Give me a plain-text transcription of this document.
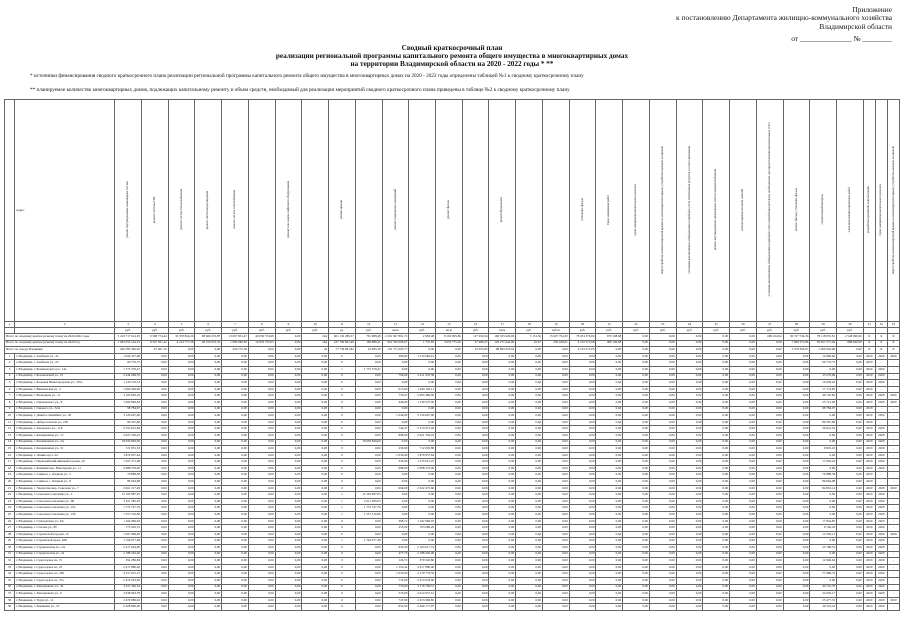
Приложение
к постановлению Департамента жилищно-коммунального хозяйства
Владимирской области
от ______________ № ________
Сводный краткосрочный план
реализации региональной программы капитального ремонта общего имущества в многоквартирных домах
на территории Владимирской области на 2020 - 2022 годы * **
* источники финансирования сводного краткосрочного плана реализации региональной программы капитального ремонта общего имущества в многоквартирных домах на 2020 - 2022 годы определены таблицей №1 к сводному краткосрочному плану
** планируемое количество многоквартирных домов, подлежащих капитальному ремонту и объем средств, необходимый для реализации мероприятий сводного краткосрочного плана приведены в таблице №2 к сводному краткосрочному плану
	Адрес	ремонт внутридомовых инженерных систем	ремонт системы ГВС	ремонт систем теплоснабжения	ремонт систем водоотведения	ремонт систем газоснабжения		ремонт или замена лифтового оборудования		ремонт крыши		ремонт подвальных помещений		ремонт фасада		ремонт фундамента			утепление фасада	Срок завершения работ	Срок завершения капитального ремонта	переустройство невентилируемой крыши на вентилируемую крышу, устройство выходов на кровлю	установка коллективных (общедомовых) приборов учета потребления ресурсов и узлов управления	ремонт внутридомовых инженерных систем электроснабжения	ремонт крыши плоской, скатной	установка коллективных (общедомовых) приборов учета потребления ресурсов, необходимых для предоставления коммунальных услуг	ремонт фасада, утепление фасада	строительный контроль	Срок выполнения проектных работ	разработка проектной документации	Срок завершения капитального ремонта	переустройство невентилируемой крыши на вентилируемую крышу, устройство выходов на кровлю
1	2	3	4	5	6	7	8	9	10	11	12	13	14	15	16	17	18	19	20	21	22	23	24	25	26	27	28	29	30	31	32	33
		руб.	руб.	руб.	руб.	руб.	руб.	руб.	руб.	ед.	руб.	кв.м	руб.	кв.м	руб.	кв.м	руб.	куб.м	руб.	руб.	руб.	руб.	руб.	руб.	руб.	руб.	руб.	руб.	руб.			
Итого по сводному краткосрочному плану на 2020-2022 годы		3 419 717 614,65	9 598 774,44	33 378 824,29	98 660 255,87	13 697 831,47	40 030 574,98	0,00	244	601 132 286,57	761 988,48	2 291 567 891,72	2 983,48	8 193 995,86	127 932,94	190 355 626,96	3 131,36	15 607 794,30	78 474 376,82	970 198,98	0,00	0,00	0,00	0,00	0,00	609 104,94	30 727 724,36	78 118 055,81	2 548 090,00	Х	Х	Х
Итого по сводному краткосрочному плану на 2020 год		1 062 052 144,23	8 547 201,22	4 214 777,28	49 250 976,35	1 086 082,99	10 979 725,03	0,00	164	237 780 861,49	169 888,41	601 766 099,67	1 737,83	3 653 775,26	47 486,47	129 271 942,99	10,97	256 436,61	6 132 272,68	480 196,98	0,00	0,00	0,00	0,00	0,00	0,00	7 698 372,86	39 657 271,94	888 660,00	Х	Х	Х
Итого по городу Владимир		266 385 340,65	97 667,16	0,00	0,00	226 775,59	0,00	0,00	44	77 739 891,82	16 985,39	152 771 093,77	0,00	0,00	10 655,85	98 895 053,62	0,00	0,00	6 133 272,05	0,00	0,00	0,00	0,00	0,00	0,00	0,00	2 578 304,07	1 060 950,90	0,00	Х	Х	Х
1	г. Владимир, г. Алябьева ул., 3а	1 024 457,98	0,00	0,00	0,00	0,00	0,00	0,00	0,00	0	0,00	399,00	1 510 684,61	0,00	0,00	0,00	0,00	0,00	0,00	0,00	0,00	0,00	0,00	0,00	0,00	0,00	0,00	14 996,66	0,00	2020	2020	2020
2	г. Владимир, г. Алябьева ул., 23	69 776,75	0,00	0,00	0,00	0,00	0,00	0,00	0,00	0	0,00	0,00	0,00	0,00	0,00	0,00	0,00	0,00	0,00	0,00	0,00	0,00	0,00	0,00	0,00	0,00	0,00	69 776,75	0,00	2020	-	-
3	г. Владимир, г. Безыменского ул., 14а	1 775 379,47	0,00	0,00	0,00	0,00	0,00	0,00	0,00	1	1 775 379,47	0,00	0,00	0,00	0,00	0,00	0,00	0,00	0,00	0,00	0,00	0,00	0,00	0,00	0,00	0,00	0,00	0,00	0,00	2020	2020	-
4	г. Владимир, г. Белоконской ул., 23	2 444 669,70	0,00	0,00	0,00	0,00	0,00	0,00	0,00	0	0,00	796,00	2 411 935,58	0,00	0,00	0,00	0,00	0,00	0,00	0,00	0,00	0,00	0,00	0,00	0,00	0,00	0,00	33 276,99	0,00	2020	2020	-
5	г. Владимир, г. Большая Нижегородская ул., 105а	1 130 519,33	0,00	0,00	0,00	0,00	0,00	0,00	0,00	0	0,00	0,00	0,00	0,00	0,00	0,00	0,00	0,00	0,00	0,00	0,00	0,00	0,00	0,00	0,00	0,00	0,00	16 639,42	0,00	2020	2020	-
6	г. Владимир, г. Вишневская ул., 5	1 966 366,96	0,00	0,00	0,00	0,00	0,00	0,00	0,00	0	0,00	615,00	1 949 192,11	0,00	0,00	0,00	0,00	0,00	0,00	0,00	0,00	0,00	0,00	0,00	0,00	0,00	0,00	17 174,85	0,00	2020	-	-
7	г. Владимир, г. Воеводина ул., 11	3 103 663,19	0,00	0,00	0,00	0,00	0,00	0,00	0,00	0	0,00	733,67	2 995 486,00	0,00	0,00	0,00	0,00	0,00	0,00	0,00	0,00	0,00	0,00	0,00	0,00	0,00	0,00	46 745,60	0,00	2020	2020	2020
8	г. Владимир, г. Горьковского ул., 8	1 600 806,82	0,00	0,00	0,00	0,00	0,00	0,00	0,00	0	0,00	449,00	1 539 537,00	0,00	0,00	0,00	0,00	0,00	0,00	0,00	0,00	0,00	0,00	0,00	0,00	0,00	0,00	25 721,00	0,00	2020	2020	2020
9	г. Владимир, г. Горького ул., 52А	98 784,97	0,00	0,00	0,00	0,00	0,00	0,00	0,00	0	0,00	0,00	0,00	0,00	0,00	0,00	0,00	0,00	0,00	0,00	0,00	0,00	0,00	0,00	0,00	0,00	0,00	98 784,97	0,00	2020	-	-
10	г. Владимир, г. Девятое Линейное ул., 26	3 126 667,00	0,00	0,00	0,00	0,00	0,00	0,00	0,00	0	0,00	1 049,00	3 126 667,00	0,00	0,00	0,00	0,00	0,00	0,00	0,00	0,00	0,00	0,00	0,00	0,00	0,00	0,00	0,00	0,00	2020	2020	-
11	г. Владимир, г. Добросельская ул., 21Б	86 597,80	0,00	0,00	0,00	0,00	0,00	0,00	0,00	0	0,00	0,00	0,00	0,00	0,00	0,00	0,00	0,00	0,00	0,00	0,00	0,00	0,00	0,00	0,00	0,00	0,00	86 597,80	0,00	2020	-	-
12	г. Владимир, г. Заводского ул., 11Б	2 353 612,84	0,00	0,00	0,00	0,00	0,00	0,00	0,00	0	0,00	746,47	2 313 971,49	0,00	0,00	0,00	0,00	0,00	0,00	0,00	0,00	0,00	0,00	0,00	0,00	0,00	0,00	39 641,35	0,00	2020	2020	-
13	г. Владимир, г. Казарменная ул., 15	2 921 336,43	0,00	0,00	0,00	0,00	0,00	0,00	0,00	0	0,00	898,00	2 921 336,43	0,00	0,00	0,00	0,00	0,00	0,00	0,00	0,00	0,00	0,00	0,00	0,00	0,00	0,00	0,00	0,00	2020	2020	-
14	г. Владимир, г. Казарменная ул., 2А	18 659 849,00	0,00	0,00	0,00	0,00	0,00	0,00	0,00	1	18 659 849,00	0,00	0,00	0,00	0,00	0,00	0,00	0,00	0,00	0,00	0,00	0,00	0,00	0,00	0,00	0,00	0,00	0,00	0,00	2020	2020	-
15	г. Владимир, г. Казарменная ул., 31	721 831,33	0,00	0,00	0,00	0,00	0,00	0,00	0,00	0	0,00	230,00	712 005,88	0,00	0,00	0,00	0,00	0,00	0,00	0,00	0,00	0,00	0,00	0,00	0,00	0,00	0,00	9 825,45	0,00	2020	2020	-
16	г. Владимир, г. Ленина пр-т, 24	1 879 957,64	0,00	0,00	0,00	0,00	0,00	0,00	0,00	0	0,00	1 030,00	1 879 957,64	0,00	0,00	0,00	0,00	0,00	0,00	0,00	0,00	0,00	0,00	0,00	0,00	0,00	0,00	0,00	0,00	2020	2020	-
17	г. Владимир, г. Первомайский шинный городок, 20	1 297 271,68	0,00	0,00	0,00	0,00	0,00	0,00	0,00	0	0,00	345,00	1 279 615,25	0,00	0,00	0,00	0,00	0,00	0,00	0,00	0,00	0,00	0,00	0,00	0,00	0,00	0,00	17 656,43	0,00	2020	2020	-
18	г. Владимир, г. Каманин пер. Новоторная ул., 11	2 988 276,00	0,00	0,00	0,00	0,00	0,00	0,00	0,00	0	0,00	988,00	2 988 276,00	0,00	0,00	0,00	0,00	0,00	0,00	0,00	0,00	0,00	0,00	0,00	0,00	0,00	0,00	0,00	0,00	2020	2020	-
19	г. Владимир, г. Сакиное с. Озерная ул., 5	76 888,38	0,00	0,00	0,00	0,00	0,00	0,00	0,00	0	0,00	0,00	0,00	0,00	0,00	0,00	0,00	0,00	0,00	0,00	0,00	0,00	0,00	0,00	0,00	0,00	0,00	76 888,38	0,00	2020	-	-
20	г. Владимир, г. Сакиное с. Озерная ул., 8	89 664,98	0,00	0,00	0,00	0,00	0,00	0,00	0,00	0	0,00	0,00	0,00	0,00	0,00	0,00	0,00	0,00	0,00	0,00	0,00	0,00	0,00	0,00	0,00	0,00	0,00	89 664,98	0,00	2020	-	-
21	г. Владимир, г. Энергетик мкр. Соколова ул., 7	2 661 217,49	0,00	0,00	0,00	0,00	0,00	0,00	0,00	0	0,00	694,00	2 522 475,60	0,00	0,00	0,00	0,00	0,00	0,00	0,00	0,00	0,00	0,00	0,00	0,00	0,00	0,00	84 810,14	0,00	2020	2020	2020
22	г. Владимир, г. Соколова-Соколенка ул., 2	12 193 987,05	0,00	0,00	0,00	0,00	0,00	0,00	0,00	1	12 193 987,05	0,00	0,00	0,00	0,00	0,00	0,00	0,00	0,00	0,00	0,00	0,00	0,00	0,00	0,00	0,00	0,00	0,00	0,00	2020	2020	-
23	г. Владимир, г. Соколова-Соколенка ул., 6Б	2 611 585,03	0,00	0,00	0,00	0,00	0,00	0,00	0,00	1	2 611 585,03	0,00	0,00	0,00	0,00	0,00	0,00	0,00	0,00	0,00	0,00	0,00	0,00	0,00	0,00	0,00	0,00	0,00	0,00	2020	2020	-
24	г. Владимир, г. Соколова-Соколенка ул., 19а	1 772 747,79	0,00	0,00	0,00	0,00	0,00	0,00	0,00	1	1 772 747,79	0,00	0,00	0,00	0,00	0,00	0,00	0,00	0,00	0,00	0,00	0,00	0,00	0,00	0,00	0,00	0,00	0,00	0,00	2020	2020	-
25	г. Владимир, г. Соколова-Соколенка ул., 19б	1 557 516,86	0,00	0,00	0,00	0,00	0,00	0,00	0,00	1	1 557 516,86	0,00	0,00	0,00	0,00	0,00	0,00	0,00	0,00	0,00	0,00	0,00	0,00	0,00	0,00	0,00	0,00	0,00	0,00	2020	2020	-
26	г. Владимир, г. Суворовская ул., 6А	1 162 969,93	0,00	0,00	0,00	0,00	0,00	0,00	0,00	0	0,00	368,72	1 162 969,93	0,00	0,00	0,00	0,00	0,00	0,00	0,00	0,00	0,00	0,00	0,00	0,00	0,00	0,00	17 944,85	0,00	2020	2020	-
27	г. Владимир, г. Стасова ул., 8б	773 432,72	0,00	0,00	0,00	0,00	0,00	0,00	0,00	0	0,00	255,00	763 686,29	0,00	0,00	0,00	0,00	0,00	0,00	0,00	0,00	0,00	0,00	0,00	0,00	0,00	0,00	9 746,43	0,00	2020	2020	-
28	г. Владимир, г. Строителей городок, 12	1 067 999,99	0,00	0,00	0,00	0,00	0,00	0,00	0,00	0	0,00	0,00	0,00	0,00	0,00	0,00	0,00	0,00	0,00	0,00	0,00	0,00	0,00	0,00	0,00	0,00	0,00	13 356,13	0,00	2020	2020	2020
29	г. Владимир, г. Строителей пр-кт, 26Б	1 764 977,48	0,00	0,00	0,00	0,00	0,00	0,00	0,00	1	1 764 977,48	0,00	0,00	0,00	0,00	0,00	0,00	0,00	0,00	0,00	0,00	0,00	0,00	0,00	0,00	0,00	0,00	0,00	0,00	2020	2020	-
30	г. Владимир, г. Студенческая ул., 2А	2 417 644,00	0,00	0,00	0,00	0,00	0,00	0,00	0,00	0	0,00	932,00	2 163 617,74	0,00	0,00	0,00	0,00	0,00	0,00	0,00	0,00	0,00	0,00	0,00	0,00	0,00	0,00	25 788,53	0,00	2020	2020	-
31	г. Владимир, г. Студенческая ул., 3а	2 188 202,00	0,00	0,00	0,00	0,00	0,00	0,00	0,00	0	0,00	477,70	2 188 202,00	0,00	0,00	0,00	0,00	0,00	0,00	0,00	0,00	0,00	0,00	0,00	0,00	0,00	0,00	0,00	0,00	2020	2020	-
32	г. Владимир, г. Судогодское ш., 7а	392 286,84	0,00	0,00	0,00	0,00	0,00	0,00	0,00	0	0,00	126,72	379 326,80	0,00	0,00	0,00	0,00	0,00	0,00	0,00	0,00	0,00	0,00	0,00	0,00	0,00	0,00	12 960,04	0,00	2020	2020	-
33	г. Владимир, г. Судогодское ш., 23	2 617 880,00	0,00	0,00	0,00	0,00	0,00	0,00	0,00	0	0,00	1 152,42	2 617 880,00	0,00	0,00	0,00	0,00	0,00	0,00	0,00	0,00	0,00	0,00	0,00	0,00	0,00	0,00	0,00	0,00	2020	2020	-
34	г. Владимир, г. Судогодское ш., 23Б	4 257 915,15	0,00	0,00	0,00	0,00	0,00	0,00	0,00	0	0,00	1 033,00	4 179 779,59	0,00	0,00	0,00	0,00	0,00	0,00	0,00	0,00	0,00	0,00	0,00	0,00	0,00	0,00	77 688,76	0,00	2020	2020	-
35	г. Владимир, г. Судогодское ш., 27а	2 474 633,00	0,00	0,00	0,00	0,00	0,00	0,00	0,00	0	0,00	774,00	2 474 633,00	0,00	0,00	0,00	0,00	0,00	0,00	0,00	0,00	0,00	0,00	0,00	0,00	0,00	0,00	0,00	0,00	2020	2020	-
36	г. Владимир, г. Тихонравова ул., 34	3 221 346,54	0,00	0,00	0,00	0,00	0,00	0,00	0,00	0	0,00	776,00	3 176 709,51	0,00	0,00	0,00	0,00	0,00	0,00	0,00	0,00	0,00	0,00	0,00	0,00	0,00	0,00	44 741,78	0,00	2020	2020	-
37	г. Владимир, г. Тихонравова ул., 9	2 938 993,78	0,00	0,00	0,00	0,00	0,00	0,00	0,00	0	0,00	570,00	2 914 937,61	0,00	0,00	0,00	0,00	0,00	0,00	0,00	0,00	0,00	0,00	0,00	0,00	0,00	0,00	24 056,17	0,00	2020	2020	-
38	г. Владимир, г. Труда ул., 11	2 479 086,92	0,00	0,00	0,00	0,00	0,00	0,00	0,00	0	0,00	747,00	2 453 996,85	0,00	0,00	0,00	0,00	0,00	0,00	0,00	0,00	0,00	0,00	0,00	0,00	0,00	0,00	25 477,35	0,00	2020	2020	2020
39	г. Владимир, г. Каманина ул., 27	2 508 896,00	0,00	0,00	0,00	0,00	0,00	0,00	0,00	0	0,00	852,00	2 499 177,07	0,00	0,00	0,00	0,00	0,00	0,00	0,00	0,00	0,00	0,00	0,00	0,00	0,00	0,00	39 516,43	0,00	2020	2020	-
